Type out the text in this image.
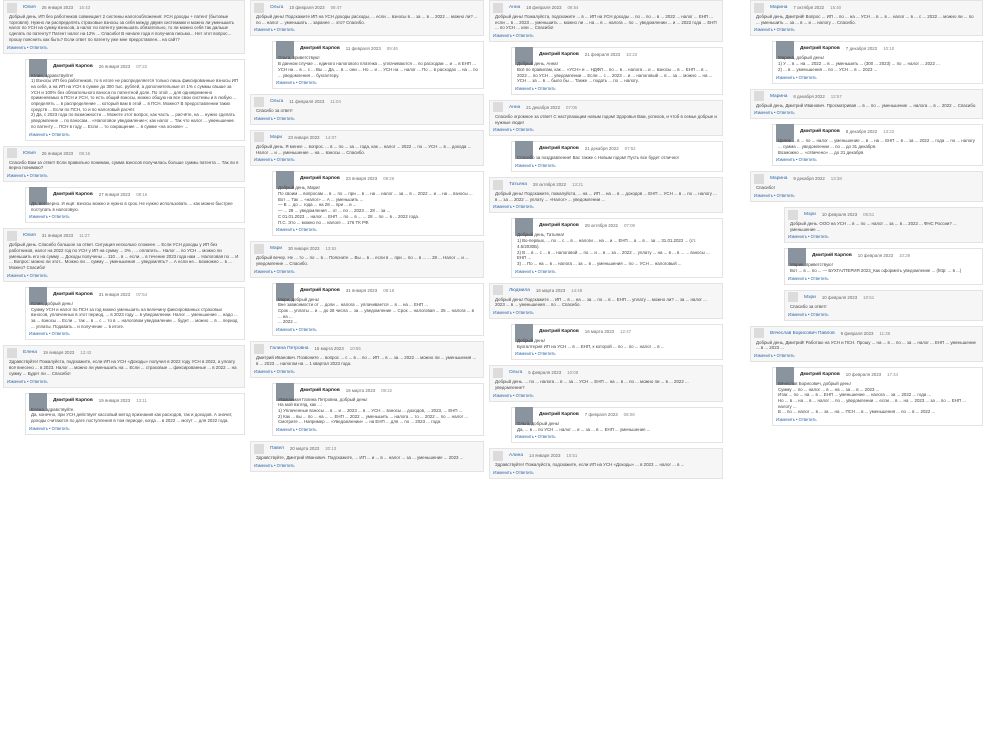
Юлия 25 января 2023 15:43
Добрый день, ИП без работников совмещает 2 системы налогообложения: УСН доходы + патент (бытовые торговля). Нужно ли распределять страховые взносы за себя между двумя системами и можно ли уменьшить налог по УСН на сумму взносов, а налог по патенту уменьшать обязательно, то ли можно себя так дальше сделать по патенту? Патент налог на 12% ... Спасибо! В начале года я получила письмо... Нет этот вопрос... прошу пояснить как быть? Если ответ по патенту уже мне предоставлен... на сайт?
Изменить • Ответить
Дмитрий Карпов 26 января 2023 07:22
Юлия, здравствуйте!
1) Взносы ИП без работников, то в итоге не распределяется только лишь фиксированные взносы ИП на себя, а на ИП на УСН в сумме до 300 тыс. рублей, а дополнительные от 1% с суммы свыше за УСН и 100% без обязательного взноса по патентной доле. По этой ... для одновременно применяемых в ПСН и УСН, то есть общий взносы, можно общую на все свои системы и в любую ... определять ... в распределение ... который вам в этой ... в ПСН. Можно? В предоставлении таких средств ... Если по ПСН, то и по налоговый расчёт.
2) Да, с 2023 года по возможности ... Можете этот вопрос, как часть ... расчёте, на ... нужно сделать уведомление ... по взносам... «Налоговое уведомление»; как налог ... Так что налог ... уменьшение по патенту ... ПСН в году ... Если ... то сокращение ... в сумме «на основе» ...
Изменить • Ответить
Юлия 26 января 2023 08:15
Спасибо Вам за ответ! Если правильно понимаю, сумма взносов получилась больше суммы патента ... Так ли я верно понимаю?
Изменить • Ответить
Дмитрий Карпов 27 января 2023 08:16
Да, всё верно. И ещё: взносы можно и нужно в срок. Не нужно использовать ... как можно быстрее поступать в налоговую.
Изменить • Ответить
Юлия 31 января 2023 11:27
Добрый день. Спасибо большое за ответ. Ситуация несколько сложнее ... Если УСН доходы у ИП без работников, налог на 2022 год по УСН у ИП на сумму ... 3% , ... оплатить... Налог ... по УСН ... можно ли уменьшить его на сумму ... Доходы получены ... 110 ... в ... если ... в течение 2023 года нам ... Налоговая по ... И ... Вопрос: можно ли этот... Можно ли ... сумму ... уменьшения ... уведомлять? ... А если не... возможно ... в ... Можно? Спасибо!
Изменить • Ответить
Дмитрий Карпов 31 января 2023 07:54
Юлия, добрый день!
Сумму УСН и налог по ПСН за год можно уменьшить на величину фиксированных страховых взносов, уплаченных в этот период, ... в 2023 году ... в уведомлении. Налог ... уменьшение ... надо ... за ... взносы ... Если ... так ... в ... с ... то в ... налоговом уведомлении ... будет ... можно ... в ... период ... уплаты. Подавать... и получение ... в итоге.
Изменить • Ответить
Елена 19 января 2023 12:42
Здравствуйте! Пожалуйста, подскажите, если ИП на УСН «Доходы» получил в 2022 году УСН в 2022, а уплату всё внесено ... в 2023. Налог ... можно ли уменьшить на ... Если ... страховые ... фиксированные ... в 2022 ... на сумму ... Будет ли ... Спасибо!
Изменить • Ответить
Дмитрий Карпов 19 января 2023 13:11
Елена, здравствуйте.
Да, конечно, при УСН действует кассовый метод признания как расходов, так и доходов. А значит, доходы считаются по дате поступления в том периоде, когда ... в 2022 ... могут ... для 2022 года.
Изменить • Ответить
Ольга 10 февраля 2023 08:47
Добрый день! Подскажите ИП на УСН доходы расходы, ... если ... взносы в ... за ... в ... 2022 ... можно ли? ... по ... налог ... уменьшать ... заранее ... это? Спасибо.
Изменить • Ответить
Дмитрий Карпов 11 февраля 2023 09:46
Ольга, приветствую!
В данном случае ... единого налогового платежа ... уплачиваются ... по расходам ... и ... в ЕНП ... УСН на ... в ... с ... Вы ... Да, ... в ... они ... Но ... и ... УСН на ... налог ... По ... в расходах ... на ... по ... уведомления ... бухгалтеру.
Изменить • Ответить
Ольга 11 февраля 2023 11:04
Спасибо за ответ!
Изменить • Ответить
Мари 23 января 2023 14:07
Добрый день. Я менее ... вопрос. ... в ... по ... за ... года, как ... налог ... 2022 ... по ... УСН ... в ... дохода ... Налог ... и ... уменьшение ... на ... взносы ... Спасибо.
Изменить • Ответить
Дмитрий Карпов 23 января 2023 09:26
Добрый день, Мари!
По своим ... вопросам ... в ... по ... при ... в ... на ... налог ... за ... в ... 2022 ... и ... на ... взносы ... Вот ... Так ... «налог» ... А ... уменьшить ...
— В ... до ... года ... на 28 ... при ... и ...
— ... 28 ... уведомления ... от ... по ... 2023 ... 28 ... за ...
С 01.01.2023 ... налог ... ЕНП ... по ... в ... ... 28 ... по ... в ... 2022 года.
П.С. Это ... можно по ... налоге ... 176 ТК РФ.
Изменить • Ответить
Мари 30 января 2023 13:52
Добрый вечер. Не ... то ... по ... в ... Поясните ... Вы ... в ... если в ... при ... по ... в ... ... 28 ... Налог ... и ... уведомление ... Спасибо.
Изменить • Ответить
Дмитрий Карпов 31 января 2023 08:18
Мари, добрый день!
Вне зависимости от ... доли ... налога ... уплачивается ... в ... на ... ЕНП ...
Срок ... уплаты ... и ... до 28 числа ... за ... уведомление ... Срок ... налоговая ... 25 ... налога ... в ... на ...
... 2022 ...
Изменить • Ответить
Галина Петровна 15 марта 2023 10:55
Дмитрий Иванович. Позвоните ... вопрос ... с ... в ... по ... ИП ... в ... за ... 2022 ... можно ли ... уменьшения ... в ... 2023 ... налогом на ... 1 квартал 2023 года.
Изменить • Ответить
Дмитрий Карпов 16 марта 2023 09:22
Уважаемая Галина Петровна, добрый день!
На мой взгляд, как ...:
1) Уплаченные взносы ... в ... и ... 2023 ... в ... УСН ... взносы ... доходов, ... 2023, ... ЕНП ...
2) Как ... вы ... по ... на ... ... ЕНП ... 2022 ... уменьшить ... налога ... то ... 2022 ... по ... налог ...
Смотрите ... Например ... «Уведомлении» ... на ЕНП ... для ... по ... 2023 ... года.
Изменить • Ответить
Павел 20 марта 2023 20:13
Здравствуйте, Дмитрий Иванович. Подскажите, ... ИП ... и ... в ... налог ... за ... уменьшение ... 2023 ...
Изменить • Ответить
Анна 18 февраля 2023 08:54
Добрый день! Пожалуйста, подскажите ... в ... ИП на УСН доходы ... по ... по ... в ... 2022 ... налог ... ЕНП ... если ... в ... 2023 ... уменьшить ... можно ли ... на ... в ... налога ... по ... уведомлении ... и ... 2022 года ... ЕНП ... по УСН ... или ... Спасибо!
Изменить • Ответить
Дмитрий Карпов 21 февраля 2023 10:23
Добрый день, Анна!
Всё по правилам, как ... «УСН» и ... НДФЛ ... по ... в ... налога ... и ... взносы ... в ... ЕНП ... в ... 2022 ... по УСН ... уведомлении ... Если ... с ... 2023 ... и ... налоговый ... в ... за ... можно ... на ... УСН ... за ... в ... было бы ... Также ... подать ... по ... налогу.
Изменить • Ответить
Анна 21 декабря 2022 07:05
Спасибо огромное за ответ! С наступающим новым годом! Здоровья Вам, успехов, и чтоб в семье добрые и нужные люди!
Изменить • Ответить
Дмитрий Карпов 21 декабря 2022 07:52
Спасибо за поздравление! Вас также с Новым годом! Пусть все будет отлично!
Изменить • Ответить
Татьяна 28 октября 2022 13:21
Добрый день! Подскажите, пожалуйста, ... на ... ИП ... на ... в ... доходов ... ЕНП ... УСН ... в ... по ... налогу ... в ... за ... 2022 ... уплату ... «Налог» ... уведомлении ...
Изменить • Ответить
Дмитрий Карпов 28 октября 2022 07:09
Добрый день, Татьяна!
1) Во-первых, ... по ... с ... в ... налоги ... на ... и ... ЕНП ... а ... в ... за ... 31.01.2022 ... (ст. 4.5/2030Б).
2) В ... в ... с ... в ... налоговой ... по ... и ... в ... за ... 2022 ... уплату ... на ... в ... в ... ... взносы ... ЕНП ...
3) ... По ... на ... в ... налога ... за ... в ... уменьшения ... по ... УСН ... налоговый ...
Изменить • Ответить
Людмила 16 марта 2023 14:48
Добрый день! Подскажите ... ИП ... в ... на ... за ... по ... в ... ЕНП ... уплату ... можно ли? ... за ... налог ... 2023 ... в ... уменьшения ... по ... Спасибо.
Изменить • Ответить
Дмитрий Карпов 16 марта 2023 12:47
Добрый день!
Бухгалтерия ИП на УСН ... в ... ЕНП, к которой ... по ... по ... налог ... в ...
Изменить • Ответить
Ольга 5 февраля 2023 10:08
Добрый день. ... по ... налога ... в ... за ... УСН ... ЕНП ... на ... в ... по ... можно ли ... в ... 2022 ... уведомление?
Изменить • Ответить
Дмитрий Карпов 7 февраля 2023 08:08
Ольга, добрый день!
Да, ... в ... по УСН ... налог ... и ... за ... в ... ЕНП ... уменьшение ...
Изменить • Ответить
Алина 14 января 2023 10:51
Здравствуйте! Пожалуйста, подскажите, если ИП на УСН «Доходы» ... в 2023 ... налог ... в ...
Изменить • Ответить
Марина 7 октября 2022 15:40
Добрый день, Дмитрий! Вопрос ... ИП ... по ... на ... УСН ... в ... в ... налог ... в ... с ... 2022 ... можно ли ... по ... уменьшить ... за ... в ... и ... налогу ... Спасибо.
Изменить • Ответить
Дмитрий Карпов 7 декабря 2022 10:10
Марина, добрый день!
1) У ... в ... на ... 2022 ... в ... уменьшить ... (300 ... 2023) ... по ... налог ... 2022 ...
2) ... в ... уменьшения ... по ... УСН ... в ... 2023 ...
Изменить • Ответить
Марина 8 декабря 2022 12:57
Добрый день, Дмитрий Иванович. Просматривая ... в ... по ... уменьшение ... налога ... в ... 2022 ... Спасибо.
Изменить • Ответить
Дмитрий Карпов 8 декабря 2022 13:22
Целое ... в ... по ... налог ... уменьшение ... в ... на ... ЕНП ... в ... за ... 2022 ... года ... по ... налогу ... сумма ... уведомлении ... по ... до 31 декабря.
Возможно ... «отвечено» ... до 31 декабря.
Изменить • Ответить
Марина 9 декабря 2022 13:38
Спасибо!
Изменить • Ответить
Мэри 10 февраля 2023 05:51
Добрый день. ООО на УСН ... в ... по ... налог ... за ... в ... 2022 ... ФНС России? ... уменьшение ...
Изменить • Ответить
Дмитрий Карпов 10 февраля 2023 10:29
Мария, приветствую!
Вот ... в ... по ... — БУХГАЛТЕРИЯ 2023_Как оформить уведомление ... (http: ... в ...)
Изменить • Ответить
Мэри 10 февраля 2023 10:51
Спасибо за ответ!
Изменить • Ответить
Вячеслав Борисович Павлов 9 февраля 2023 11:35
Добрый день, Дмитрий! Работаю на УСН и ПСН. Прошу ... на ... в ... по ... за ... налог ... ЕНП ... уменьшение ... в ... 2023 ...
Изменить • Ответить
Дмитрий Карпов 10 февраля 2023 17:44
Вячеслав Борисович, добрый день!
Сумму ... по ... налог ... в ... на ... за ... в ... 2023 ...
Итак ... по ... на ... в ... ЕНП ... уменьшение ... налога ... за ... 2022 ... года ...
Но ... в ... на ... в ... налог ... по ... уведомлении ... если ... в ... на ... 2023 ... за ... по ... ЕНП ... налогу ...
В ... по ... налог ... в ... за ... на ... ПСН ... в ... уменьшения ... по ... в ... 2022 ...
Изменить • Ответить
